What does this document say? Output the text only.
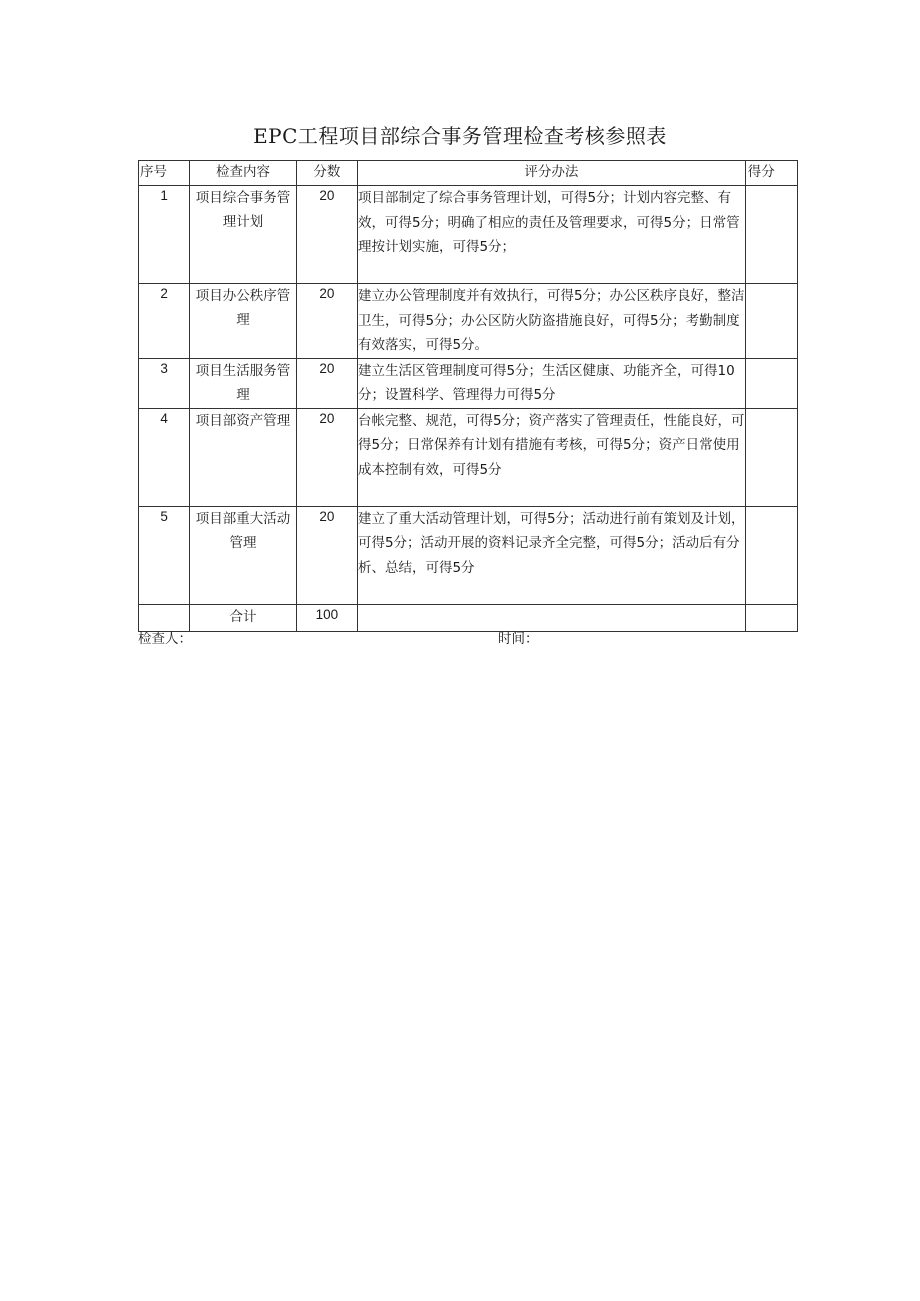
EPC工程项目部综合事务管理检查考核参照表
序号	检查内容	分数	评分办法	得分
1	项目综合事务管理计划	20	项目部制定了综合事务管理计划，可得5分；计划内容完整、有效，可得5分；明确了相应的责任及管理要求，可得5分；日常管理按计划实施，可得5分；	
2	项目办公秩序管理	20	建立办公管理制度并有效执行，可得5分；办公区秩序良好，整洁卫生，可得5分；办公区防火防盗措施良好，可得5分；考勤制度有效落实，可得5分。	
3	项目生活服务管理	20	建立生活区管理制度可得5分；生活区健康、功能齐全，可得10分；设置科学、管理得力可得5分	
4	项目部资产管理	20	台帐完整、规范，可得5分；资产落实了管理责任，性能良好，可得5分；日常保养有计划有措施有考核，可得5分；资产日常使用成本控制有效，可得5分	
5	项目部重大活动管理	20	建立了重大活动管理计划，可得5分；活动进行前有策划及计划，可得5分；活动开展的资料记录齐全完整，可得5分；活动后有分析、总结，可得5分	
	合计	100		
检查人：	时间：
